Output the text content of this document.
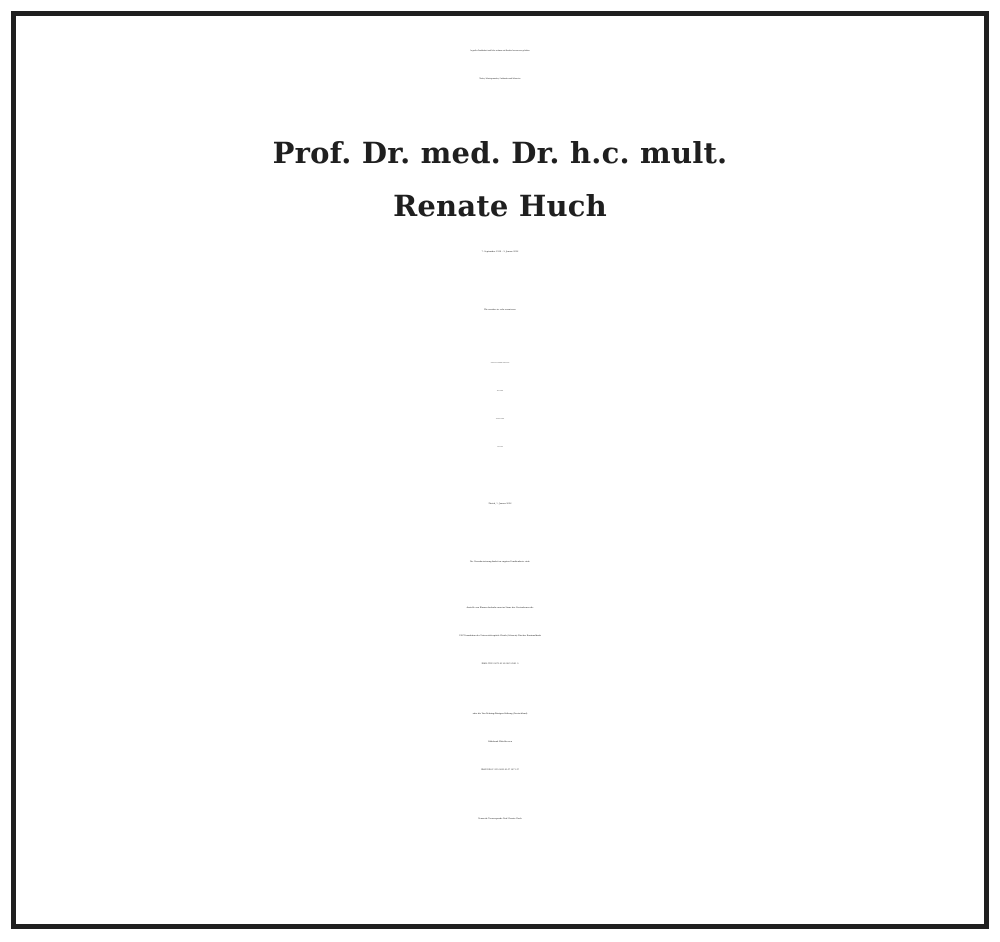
In großer Dankbarkeit und Liebe nehmen wir Abschied von unserer geliebten
Mutter, Schwiegermutter, Großmutter und Schwester
Prof. Dr. med. Dr. h.c. mult.
Renate Huch
7. September 1938 – 3. Januar 2026
Wir werden sie sehr vermissen.
Rahel und Christian Kubik-Huch
Tara Kubik
Theresa Kubik
Ulla Klenk
Zürich, 5. Januar 2026
Die Urnenbeisetzung findet im engsten Familienkreis statt.
Anstelle von Blumen bedenke man im Sinne der Verstorbenen die
USZ Foundation des Universitätsspitals Zürich (Schweiz) Zürcher Kantonalbank
IBAN CH23 0070 0110 0065 6961 9
oder die Von Behring-Röntgen-Stiftung (Deutschland)
Volksbank Mittelhessen
IBAN DE64 5139 0000 0147 1471 47
Vermerk: Trauerspende Prof. Renate Huch
